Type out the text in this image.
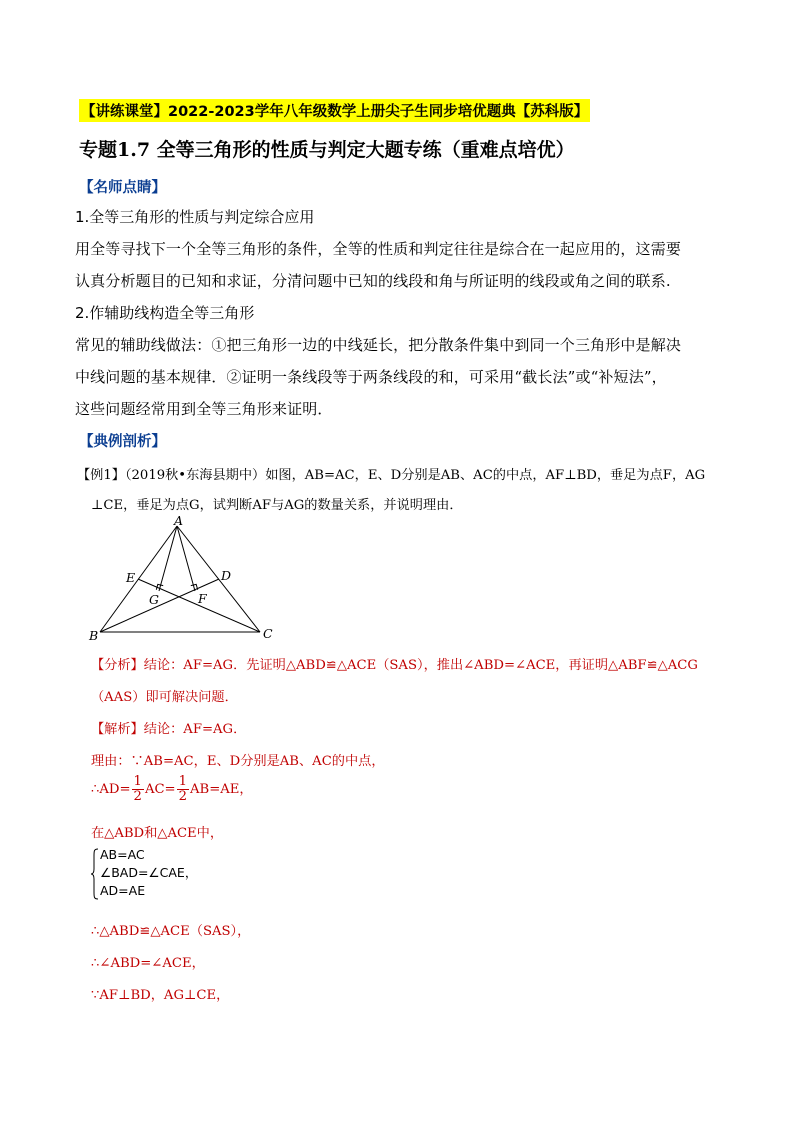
【讲练课堂】2022-2023学年八年级数学上册尖子生同步培优题典【苏科版】
专题1.7 全等三角形的性质与判定大题专练（重难点培优）
【名师点睛】
1.全等三角形的性质与判定综合应用
用全等寻找下一个全等三角形的条件，全等的性质和判定往往是综合在一起应用的，这需要
认真分析题目的已知和求证，分清问题中已知的线段和角与所证明的线段或角之间的联系.
2.作辅助线构造全等三角形
常见的辅助线做法：①把三角形一边的中线延长，把分散条件集中到同一个三角形中是解决
中线问题的基本规律．②证明一条线段等于两条线段的和，可采用“截长法”或“补短法”，
这些问题经常用到全等三角形来证明．
【典例剖析】
【例1】（2019秋•东海县期中）如图，AB=AC，E、D分别是AB、AC的中点，AF⊥BD，垂足为点F，AG
⊥CE，垂足为点G，试判断AF与AG的数量关系，并说明理由．
A
B	C
D
E
F
G
【分析】结论：AF=AG．先证明△ABD≌△ACE（SAS），推出∠ABD=∠ACE，再证明△ABF≌△ACG
（AAS）即可解决问题．
【解析】结论：AF=AG．
理由：∵AB=AC，E、D分别是AB、AC的中点，
∴AD= $\frac{1}{2} AC= \frac{1}{2} AB=AE$，
在△ABD和△ACE中，
AB=AC
∠BAD=∠CAE，
AD=AE
∴△ABD≌△ACE（SAS），
∴∠ABD=∠ACE，
∵AF⊥BD，AG⊥CE，
